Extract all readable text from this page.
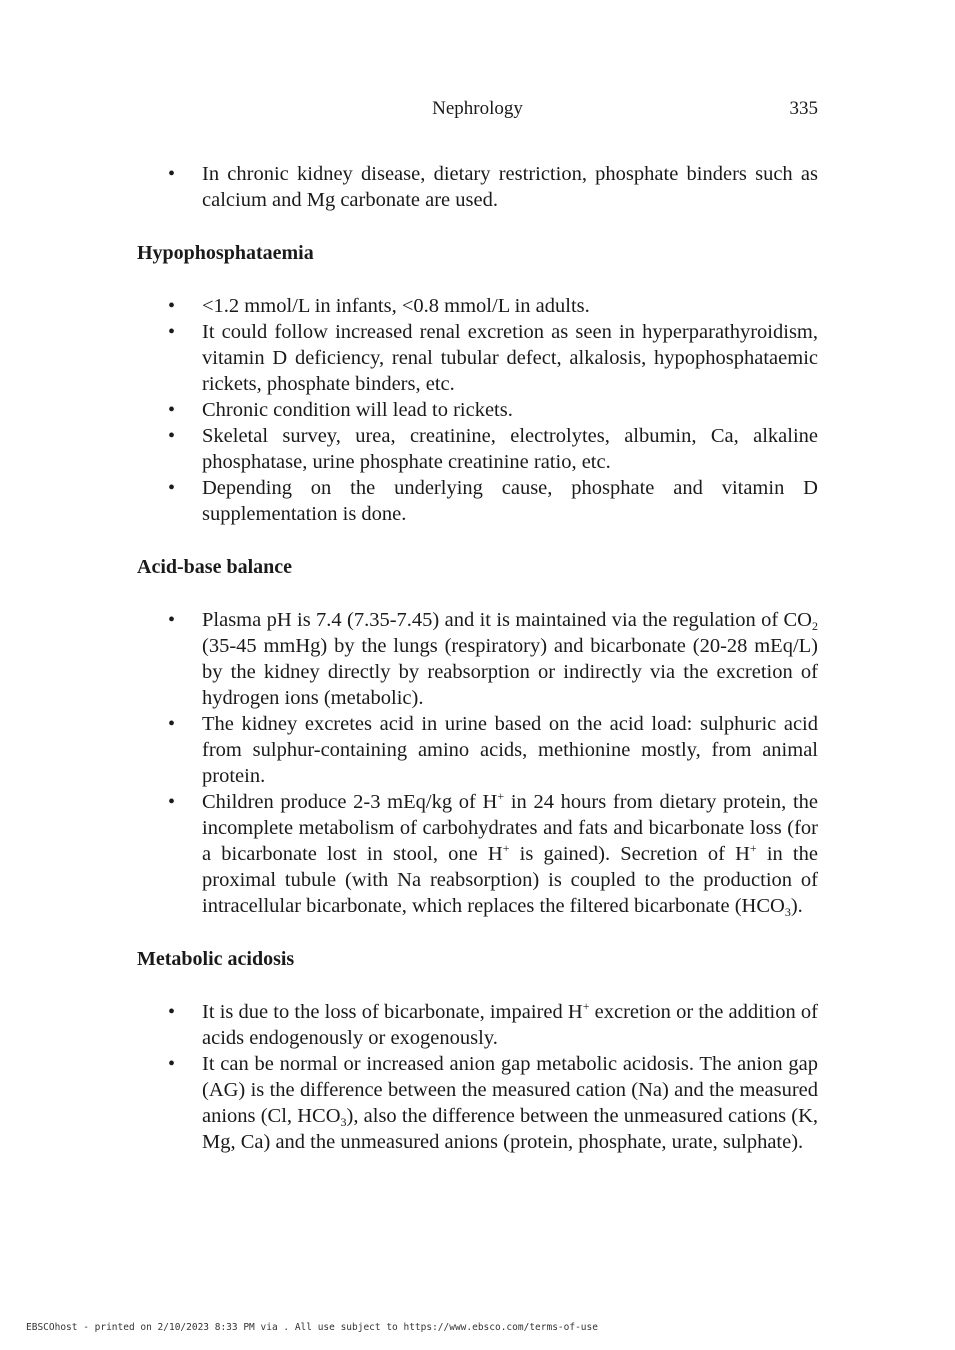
Nephrology	335
• In chronic kidney disease, dietary restriction, phosphate binders such as calcium and Mg carbonate are used.
Hypophosphataemia
• <1.2 mmol/L in infants, <0.8 mmol/L in adults.
• It could follow increased renal excretion as seen in hyperparathyroidism, vitamin D deficiency, renal tubular defect, alkalosis, hypophosphataemic rickets, phosphate binders, etc.
• Chronic condition will lead to rickets.
• Skeletal survey, urea, creatinine, electrolytes, albumin, Ca, alkaline phosphatase, urine phosphate creatinine ratio, etc.
• Depending on the underlying cause, phosphate and vitamin D supplementation is done.
Acid-base balance
• Plasma pH is 7.4 (7.35-7.45) and it is maintained via the regulation of $CO_2$ (35-45 mmHg) by the lungs (respiratory) and bicarbonate (20-28 mEq/L) by the kidney directly by reabsorption or indirectly via the excretion of hydrogen ions (metabolic).
• The kidney excretes acid in urine based on the acid load: sulphuric acid from sulphur-containing amino acids, methionine mostly, from animal protein.
• Children produce 2-3 mEq/kg of H+ in 24 hours from dietary protein, the incomplete metabolism of carbohydrates and fats and bicarbonate loss (for a bicarbonate lost in stool, one H+ is gained). Secretion of H+ in the proximal tubule (with Na reabsorption) is coupled to the production of intracellular bicarbonate, which replaces the filtered bicarbonate $(HCO_3)$.
Metabolic acidosis
• It is due to the loss of bicarbonate, impaired H+ excretion or the addition of acids endogenously or exogenously.
• It can be normal or increased anion gap metabolic acidosis. The anion gap (AG) is the difference between the measured cation (Na) and the measured anions (Cl, $HCO_3$), also the difference between the unmeasured cations (K, Mg, Ca) and the unmeasured anions (protein, phosphate, urate, sulphate).
EBSCOhost - printed on 2/10/2023 8:33 PM via . All use subject to https://www.ebsco.com/terms-of-use
